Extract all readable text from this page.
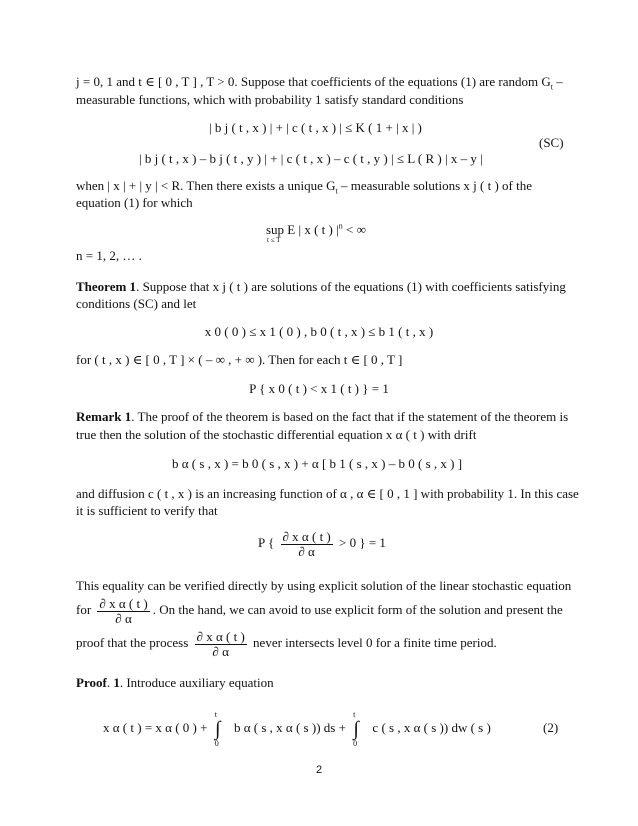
j = 0, 1 and t ∈ [ 0 , T ] , T > 0. Suppose that coefficients of the equations (1) are random $G_t$ –
measurable functions, which with probability 1 satisfy standard conditions
| b j ( t , x ) | + | c ( t , x ) | ≤ K ( 1 + | x | )
(SC)
| b j ( t , x ) – b j ( t , y ) | + | c ( t , x ) – c ( t , y ) | ≤ L ( R ) | x – y |
when | x | + | y | < R. Then there exists a unique $G_t$ – measurable solutions x j ( t ) of the
equation (1) for which
sup E | x ( t ) $|^n$ < ∞
t ≤ T
n = 1, 2, … .
Theorem 1. Suppose that x j ( t ) are solutions of the equations (1) with coefficients satisfying
conditions (SC) and let
x 0 ( 0 ) ≤ x 1 ( 0 ) , b 0 ( t , x ) ≤ b 1 ( t , x )
for ( t , x ) ∈ [ 0 , T ] × ( – ∞ , + ∞ ). Then for each t ∈ [ 0 , T ]
P { x 0 ( t ) < x 1 ( t ) } = 1
Remark 1. The proof of the theorem is based on the fact that if the statement of the theorem is
true then the solution of the stochastic differential equation x α ( t ) with drift
b α ( s , x ) = b 0 ( s , x ) + α [ b 1 ( s , x ) – b 0 ( s , x ) ]
and diffusion c ( t , x ) is an increasing function of α , α ∈ [ 0 , 1 ] with probability 1. In this case
it is sufficient to verify that
P { $\frac{\text{∂ x α ( t )}}{\partial \alpha} > 0$ } = 1
This equality can be verified directly by using explicit solution of the linear stochastic equation
for $\frac{\text{∂ x α ( t )}}{\partial \alpha}$ . On the hand, we can avoid to use explicit form of the solution and present the
proof that the process $\frac{\text{∂ x α ( t )}}{\partial \alpha}$ never intersects level 0 for a finite time period.
Proof. 1. Introduce auxiliary equation
x α ( t ) = x α ( 0 ) + ∫
t
0
b α ( s , x α ( s )) ds + ∫
t
0
c ( s , x α ( s )) dw ( s )	(2)
2
